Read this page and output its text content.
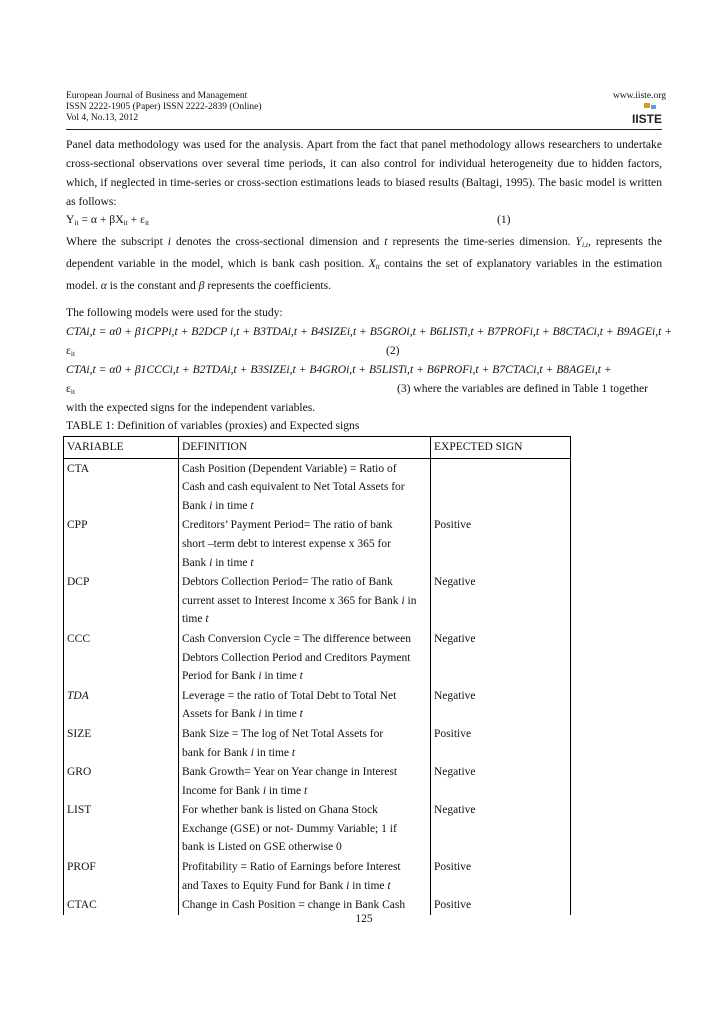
European Journal of Business and Management
ISSN 2222-1905 (Paper) ISSN 2222-2839 (Online)
Vol 4, No.13, 2012
www.iiste.org
IISTE
Panel data methodology was used for the analysis. Apart from the fact that panel methodology allows researchers to undertake cross-sectional observations over several time periods, it can also control for individual heterogeneity due to hidden factors, which, if neglected in time-series or cross-section estimations leads to biased results (Baltagi, 1995). The basic model is written as follows:
$Y_{it} = \alpha + \beta X_{it} + \varepsilon_{it}$	(1)
Where the subscript i denotes the cross-sectional dimension and t represents the time-series dimension. $Y_{i,t}$, represents the dependent variable in the model, which is bank cash position. $X_{it}$ contains the set of explanatory variables in the estimation model. α is the constant and β represents the coefficients.
The following models were used for the study:
CTAi,t = α0 + β1CPPi,t + B2DCP i,t + B3TDAi,t + B4SIZEi,t + B5GROi,t + B6LISTi,t + B7PROFi,t + B8CTACi,t + B9AGEi,t +
$\varepsilon_{it}$	(2)
CTAi,t = α0 + β1CCCi,t + B2TDAi,t + B3SIZEi,t + B4GROi,t + B5LISTi,t + B6PROFi,t + B7CTACi,t + B8AGEi,t +
$\varepsilon_{it}$	(3) where the variables are defined in Table 1 together
with the expected signs for the independent variables.
TABLE 1: Definition of variables (proxies) and Expected signs
VARIABLE	DEFINITION	EXPECTED SIGN
CTA	Cash Position (Dependent Variable) = Ratio of
Cash and cash equivalent to Net Total Assets for
Bank i in time t	

CPP	Creditors’ Payment Period= The ratio of bank
short –term debt to interest expense x 365 for
Bank i in time t	Positive
DCP	Debtors Collection Period= The ratio of Bank
current asset to Interest Income x 365 for Bank i in
time t	Negative
CCC	Cash Conversion Cycle = The difference between
Debtors Collection Period and Creditors Payment
Period for Bank i in time t	Negative
TDA	Leverage = the ratio of Total Debt to Total Net
Assets for Bank i in time t	Negative
SIZE	Bank Size = The log of Net Total Assets for
bank for Bank i in time t	Positive
GRO	Bank Growth= Year on Year change in Interest
Income for Bank i in time t	Negative
LIST	For whether bank is listed on Ghana Stock
Exchange (GSE) or not- Dummy Variable; 1 if
bank is Listed on GSE otherwise 0	Negative
PROF	Profitability = Ratio of Earnings before Interest
and Taxes to Equity Fund for Bank i in time t	Positive
CTAC	Change in Cash Position = change in Bank Cash	Positive
125
